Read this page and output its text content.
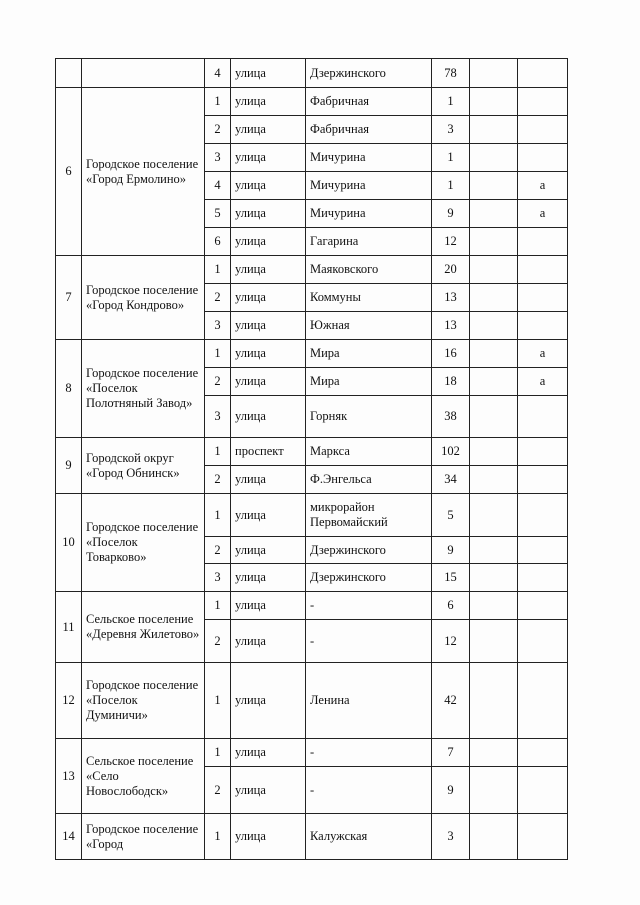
		4	улица	Дзержинского	78		
6	Городское поселение «Город Ермолино»	1	улица	Фабричная	1		
		2	улица	Фабричная	3		
		3	улица	Мичурина	1		
		4	улица	Мичурина	1		а
		5	улица	Мичурина	9		а
		6	улица	Гагарина	12		
7	Городское поселение «Город Кондрово»	1	улица	Маяковского	20		
		2	улица	Коммуны	13		
		3	улица	Южная	13		
8	Городское поселение «Поселок Полотняный Завод»	1	улица	Мира	16		а
		2	улица	Мира	18		а
		3	улица	Горняк	38		
9	Городской округ «Город Обнинск»	1	проспект	Маркса	102		
		2	улица	Ф.Энгельса	34		
10	Городское поселение «Поселок Товарково»	1	улица	микрорайон Первомайский	5		
		2	улица	Дзержинского	9		
		3	улица	Дзержинского	15		
11	Сельское поселение «Деревня Жилетово»	1	улица	-	6		
		2	улица	-	12		
12	Городское поселение «Поселок Думиничи»	1	улица	Ленина	42		
13	Сельское поселение «Село Новослободск»	1	улица	-	7		
		2	улица	-	9		
14	Городское поселение «Город	1	улица	Калужская	3		
